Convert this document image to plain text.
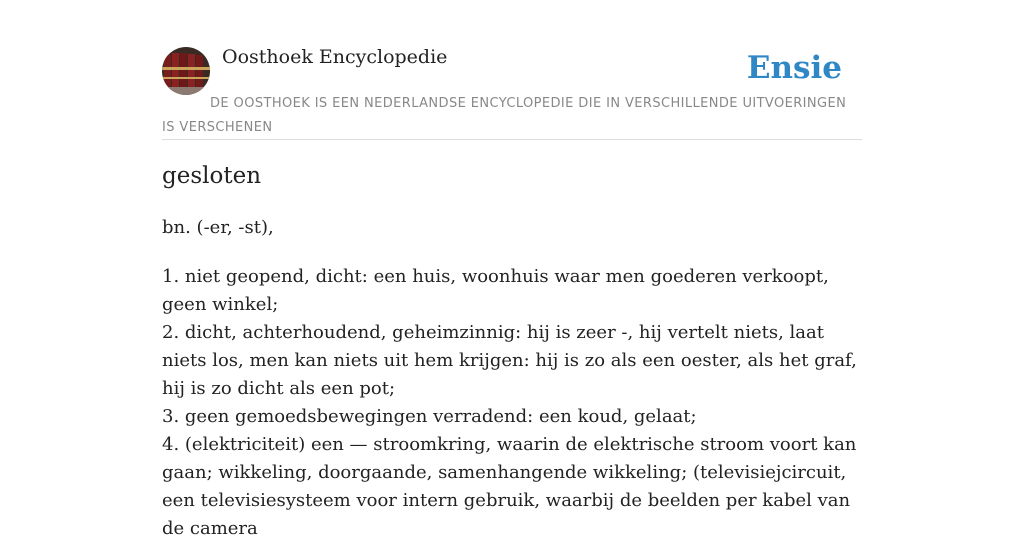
Oosthoek Encyclopedie	Ensie
DE OOSTHOEK IS EEN NEDERLANDSE ENCYCLOPEDIE DIE IN VERSCHILLENDE UITVOERINGEN IS VERSCHENEN
gesloten
bn. (-er, -st),
1. niet geopend, dicht: een huis, woonhuis waar men goederen verkoopt, geen winkel;
2. dicht, achterhoudend, geheimzinnig: hij is zeer -, hij vertelt niets, laat niets los, men kan niets uit hem krijgen: hij is zo als een oester, als het graf, hij is zo dicht als een pot;
3. geen gemoedsbewegingen verradend: een koud, gelaat;
4. (elektriciteit) een — stroomkring, waarin de elektrische stroom voort kan gaan; wikkeling, doorgaande, samenhangende wikkeling; (televisiejcircuit, een televisiesysteem voor intern gebruik, waarbij de beelden per kabel van de camera
